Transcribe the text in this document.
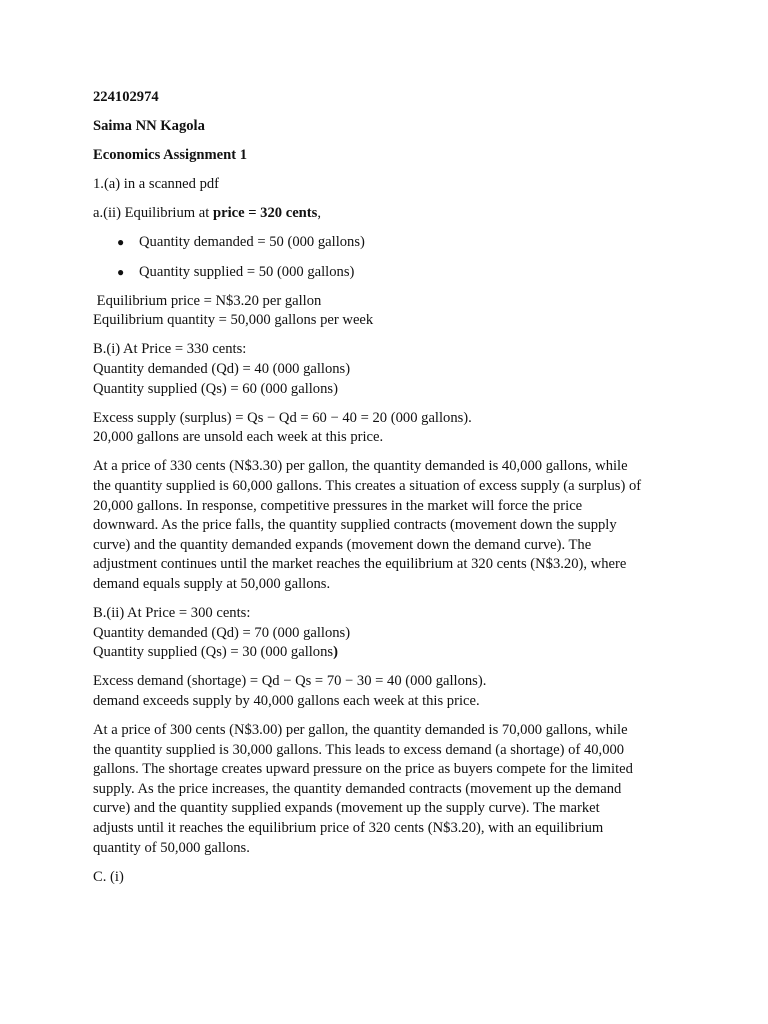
224102974

Saima NN Kagola

Economics Assignment 1

1.(a) in a scanned pdf

a.(ii) Equilibrium at price = 320 cents,

● Quantity demanded = 50 (000 gallons)
● Quantity supplied = 50 (000 gallons)

Equilibrium price = N$3.20 per gallon
Equilibrium quantity = 50,000 gallons per week

B.(i) At Price = 330 cents:
Quantity demanded (Qd) = 40 (000 gallons)
Quantity supplied (Qs) = 60 (000 gallons)

Excess supply (surplus) = Qs − Qd = 60 − 40 = 20 (000 gallons).
20,000 gallons are unsold each week at this price.

At a price of 330 cents (N$3.30) per gallon, the quantity demanded is 40,000 gallons, while
the quantity supplied is 60,000 gallons. This creates a situation of excess supply (a surplus) of
20,000 gallons. In response, competitive pressures in the market will force the price
downward. As the price falls, the quantity supplied contracts (movement down the supply
curve) and the quantity demanded expands (movement down the demand curve). The
adjustment continues until the market reaches the equilibrium at 320 cents (N$3.20), where
demand equals supply at 50,000 gallons.

B.(ii) At Price = 300 cents:
Quantity demanded (Qd) = 70 (000 gallons)
Quantity supplied (Qs) = 30 (000 gallons)

Excess demand (shortage) = Qd − Qs = 70 − 30 = 40 (000 gallons).
demand exceeds supply by 40,000 gallons each week at this price.

At a price of 300 cents (N$3.00) per gallon, the quantity demanded is 70,000 gallons, while
the quantity supplied is 30,000 gallons. This leads to excess demand (a shortage) of 40,000
gallons. The shortage creates upward pressure on the price as buyers compete for the limited
supply. As the price increases, the quantity demanded contracts (movement up the demand
curve) and the quantity supplied expands (movement up the supply curve). The market
adjusts until it reaches the equilibrium price of 320 cents (N$3.20), with an equilibrium
quantity of 50,000 gallons.

C. (i)
